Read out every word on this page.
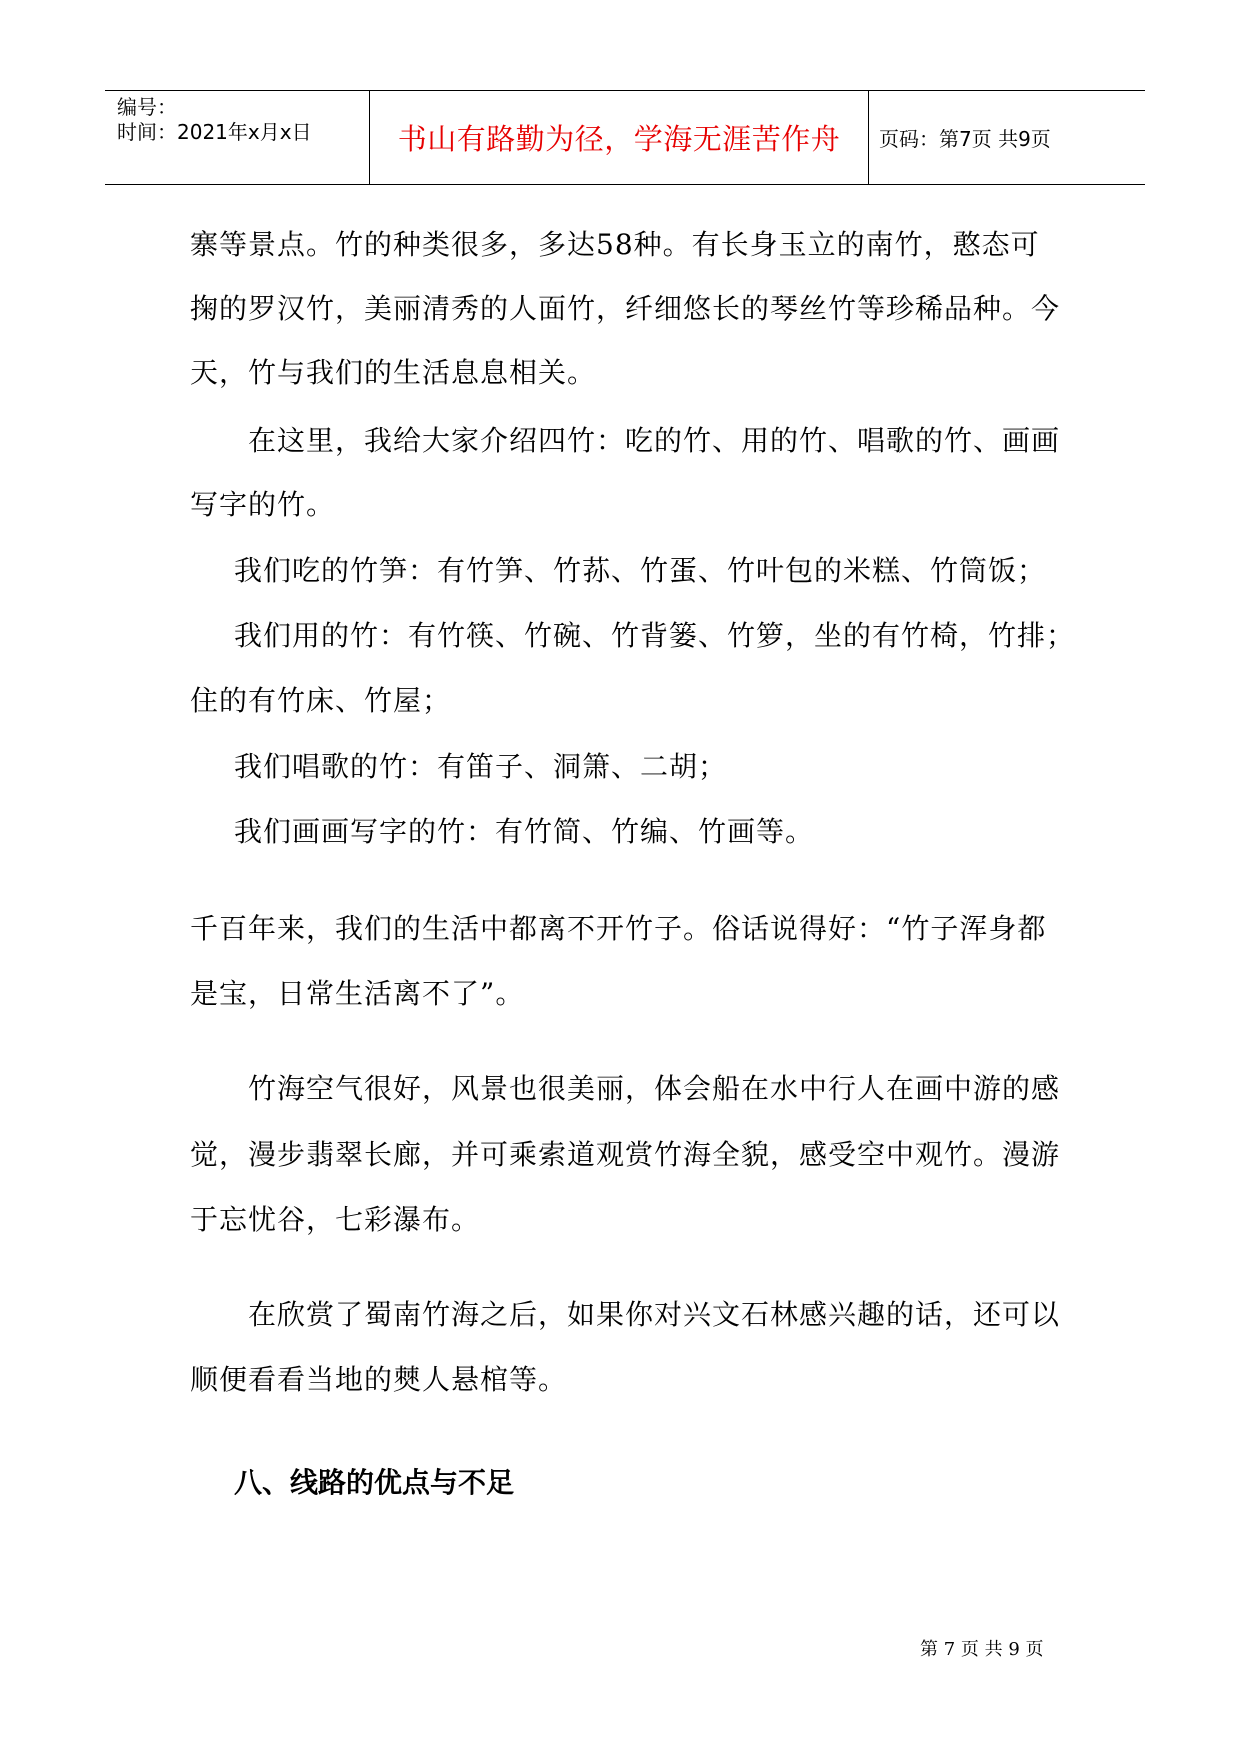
编号：
时间：2021年x月x日	书山有路勤为径，学海无涯苦作舟	页码：第7页 共9页
寨等景点。竹的种类很多，多达58种。有长身玉立的南竹，憨态可
掬的罗汉竹，美丽清秀的人面竹，纤细悠长的琴丝竹等珍稀品种。今
天，竹与我们的生活息息相关。
在这里，我给大家介绍四竹：吃的竹、用的竹、唱歌的竹、画画
写字的竹。
我们吃的竹笋：有竹笋、竹荪、竹蛋、竹叶包的米糕、竹筒饭；
我们用的竹：有竹筷、竹碗、竹背篓、竹箩，坐的有竹椅，竹排；
住的有竹床、竹屋；
我们唱歌的竹：有笛子、洞箫、二胡；
我们画画写字的竹：有竹简、竹编、竹画等。
千百年来，我们的生活中都离不开竹子。俗话说得好：“竹子浑身都
是宝，日常生活离不了”。
竹海空气很好，风景也很美丽，体会船在水中行人在画中游的感
觉，漫步翡翠长廊，并可乘索道观赏竹海全貌，感受空中观竹。漫游
于忘忧谷，七彩瀑布。
在欣赏了蜀南竹海之后，如果你对兴文石林感兴趣的话，还可以
顺便看看当地的僰人悬棺等。
八、线路的优点与不足
第 7 页 共 9 页
